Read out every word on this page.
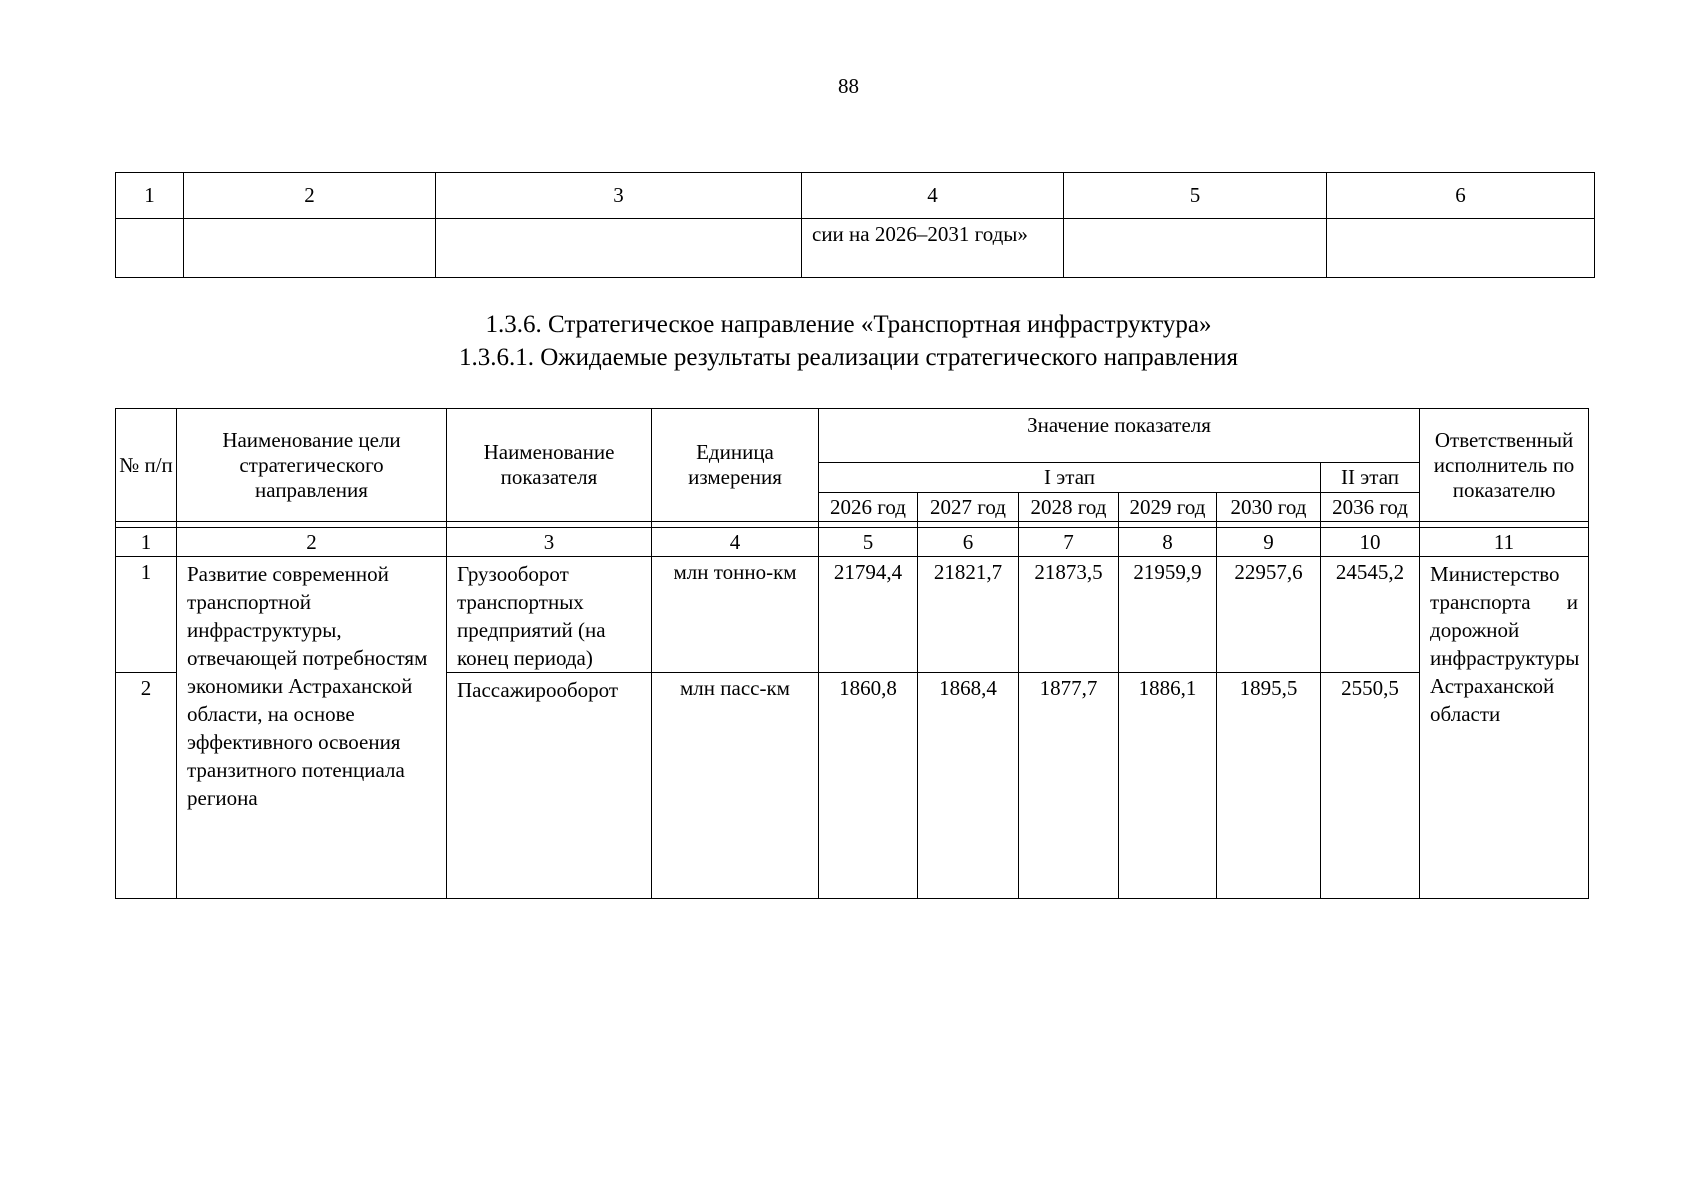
88
1	2	3	4	5	6
			сии на 2026–2031 годы»		
1.3.6. Стратегическое направление «Транспортная инфраструктура»
1.3.6.1. Ожидаемые результаты реализации стратегического направления
№ п/п	Наименование цели стратегического направления	Наименование показателя	Единица измерения	Значение показателя						Ответственный исполнитель по показателю
				I этап					II этап	
				2026 год	2027 год	2028 год	2029 год	2030 год	2036 год	

1	2	3	4	5	6	7	8	9	10	11
1	Развитие современной транспортной инфраструктуры, отвечающей потребностям экономики Астраханской области, на основе эффективного освоения транзитного потенциала региона	Грузооборот транспортных предприятий (на конец периода)	млн тонно-км	21794,4	21821,7	21873,5	21959,9	22957,6	24545,2	Министерство транспорта и дорожной инфраструктуры Астраханской области
2		Пассажирооборот	млн пасс-км	1860,8	1868,4	1877,7	1886,1	1895,5	2550,5	
